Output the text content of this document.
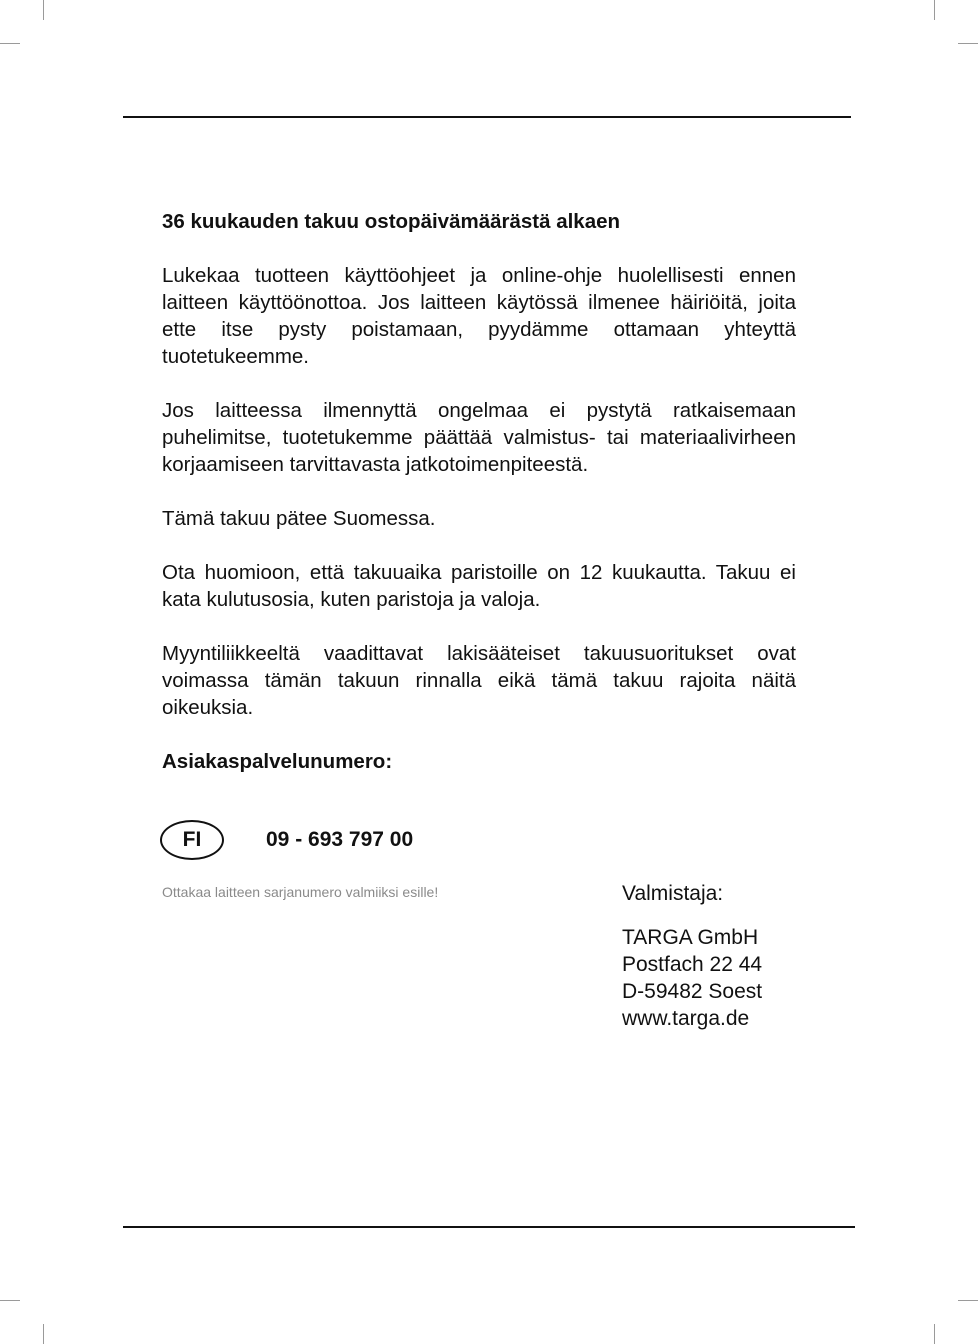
36 kuukauden takuu ostopäivämäärästä alkaen

Lukekaa tuotteen käyttöohjeet ja online-ohje huolellisesti ennen laitteen käyttöönottoa. Jos laitteen käytössä ilmenee häiriöitä, joita ette itse pysty poistamaan, pyydämme ottamaan yhteyttä tuotetukeemme.

Jos laitteessa ilmennyttä ongelmaa ei pystytä ratkaisemaan puhelimitse, tuotetukemme päättää valmistus- tai materiaalivirheen korjaamiseen tarvittavasta jatkotoimenpiteestä.

Tämä takuu pätee Suomessa.

Ota huomioon, että takuuaika paristoille on 12 kuukautta. Takuu ei kata kulutusosia, kuten paristoja ja valoja.

Myyntiliikkeeltä vaadittavat lakisääteiset takuusuoritukset ovat voimassa tämän takuun rinnalla eikä tämä takuu rajoita näitä oikeuksia.

Asiakaspalvelunumero:

FI	09 - 693 797 00
Ottakaa laitteen sarjanumero valmiiksi esille!	Valmistaja:

TARGA GmbH

Postfach 22 44

D-59482 Soest

www.targa.de
